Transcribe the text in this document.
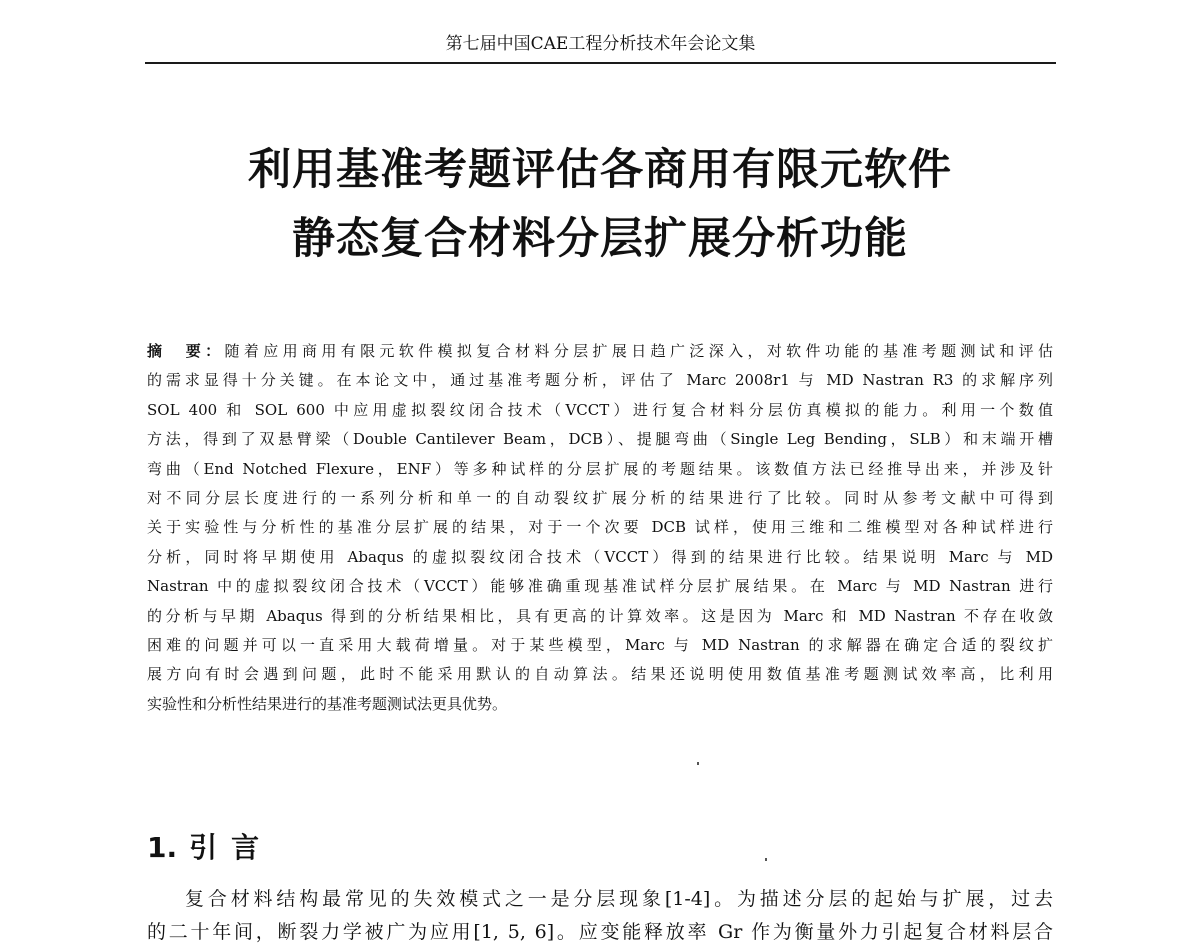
第七届中国CAE工程分析技术年会论文集
利用基准考题评估各商用有限元软件
静态复合材料分层扩展分析功能
摘　要：随着应用商用有限元软件模拟复合材料分层扩展日趋广泛深入，对软件功能的基准考题测试和评估
的需求显得十分关键。在本论文中，通过基准考题分析，评估了 Marc 2008r1 与 MD Nastran R3 的求解序列
SOL 400 和 SOL 600 中应用虚拟裂纹闭合技术（VCCT）进行复合材料分层仿真模拟的能力。利用一个数值
方法，得到了双悬臂梁（Double Cantilever Beam，DCB）、提腿弯曲（Single Leg Bending，SLB）和末端开槽
弯曲（End Notched Flexure，ENF）等多种试样的分层扩展的考题结果。该数值方法已经推导出来，并涉及针
对不同分层长度进行的一系列分析和单一的自动裂纹扩展分析的结果进行了比较。同时从参考文献中可得到
关于实验性与分析性的基准分层扩展的结果，对于一个次要 DCB 试样，使用三维和二维模型对各种试样进行
分析，同时将早期使用 Abaqus 的虚拟裂纹闭合技术（VCCT）得到的结果进行比较。结果说明 Marc 与 MD
Nastran 中的虚拟裂纹闭合技术（VCCT）能够准确重现基准试样分层扩展结果。在 Marc 与 MD Nastran 进行
的分析与早期 Abaqus 得到的分析结果相比，具有更高的计算效率。这是因为 Marc 和 MD Nastran 不存在收敛
困难的问题并可以一直采用大载荷增量。对于某些模型，Marc 与 MD Nastran 的求解器在确定合适的裂纹扩
展方向有时会遇到问题，此时不能采用默认的自动算法。结果还说明使用数值基准考题测试效率高，比利用
实验性和分析性结果进行的基准考题测试法更具优势。
1. 引言
复合材料结构最常见的失效模式之一是分层现象[1-4]。为描述分层的起始与扩展，过去
的二十年间，断裂力学被广为应用[1, 5, 6]。应变能释放率 Gr 作为衡量外力引起复合材料层合
